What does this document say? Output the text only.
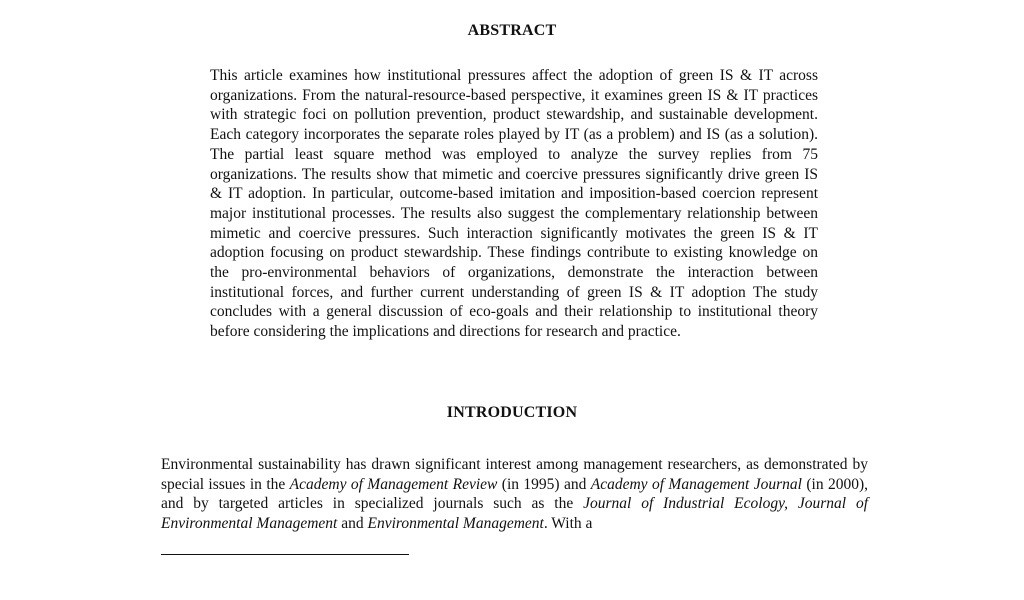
ABSTRACT
This article examines how institutional pressures affect the adoption of green IS & IT across organizations. From the natural-resource-based perspective, it examines green IS & IT practices with strategic foci on pollution prevention, product stewardship, and sustainable development. Each category incorporates the separate roles played by IT (as a problem) and IS (as a solution). The partial least square method was employed to analyze the survey replies from 75 organizations. The results show that mimetic and coercive pressures significantly drive green IS & IT adoption. In particular, outcome-based imitation and imposition-based coercion represent major institutional processes. The results also suggest the complementary relationship between mimetic and coercive pressures. Such interaction significantly motivates the green IS & IT adoption focusing on product stewardship. These findings contribute to existing knowledge on the pro-environmental behaviors of organizations, demonstrate the interaction between institutional forces, and further current understanding of green IS & IT adoption The study concludes with a general discussion of eco-goals and their relationship to institutional theory before considering the implications and directions for research and practice.
INTRODUCTION
Environmental sustainability has drawn significant interest among management researchers, as demonstrated by special issues in the Academy of Management Review (in 1995) and Academy of Management Journal (in 2000), and by targeted articles in specialized journals such as the Journal of Industrial Ecology, Journal of Environmental Management and Environmental Management. With a
